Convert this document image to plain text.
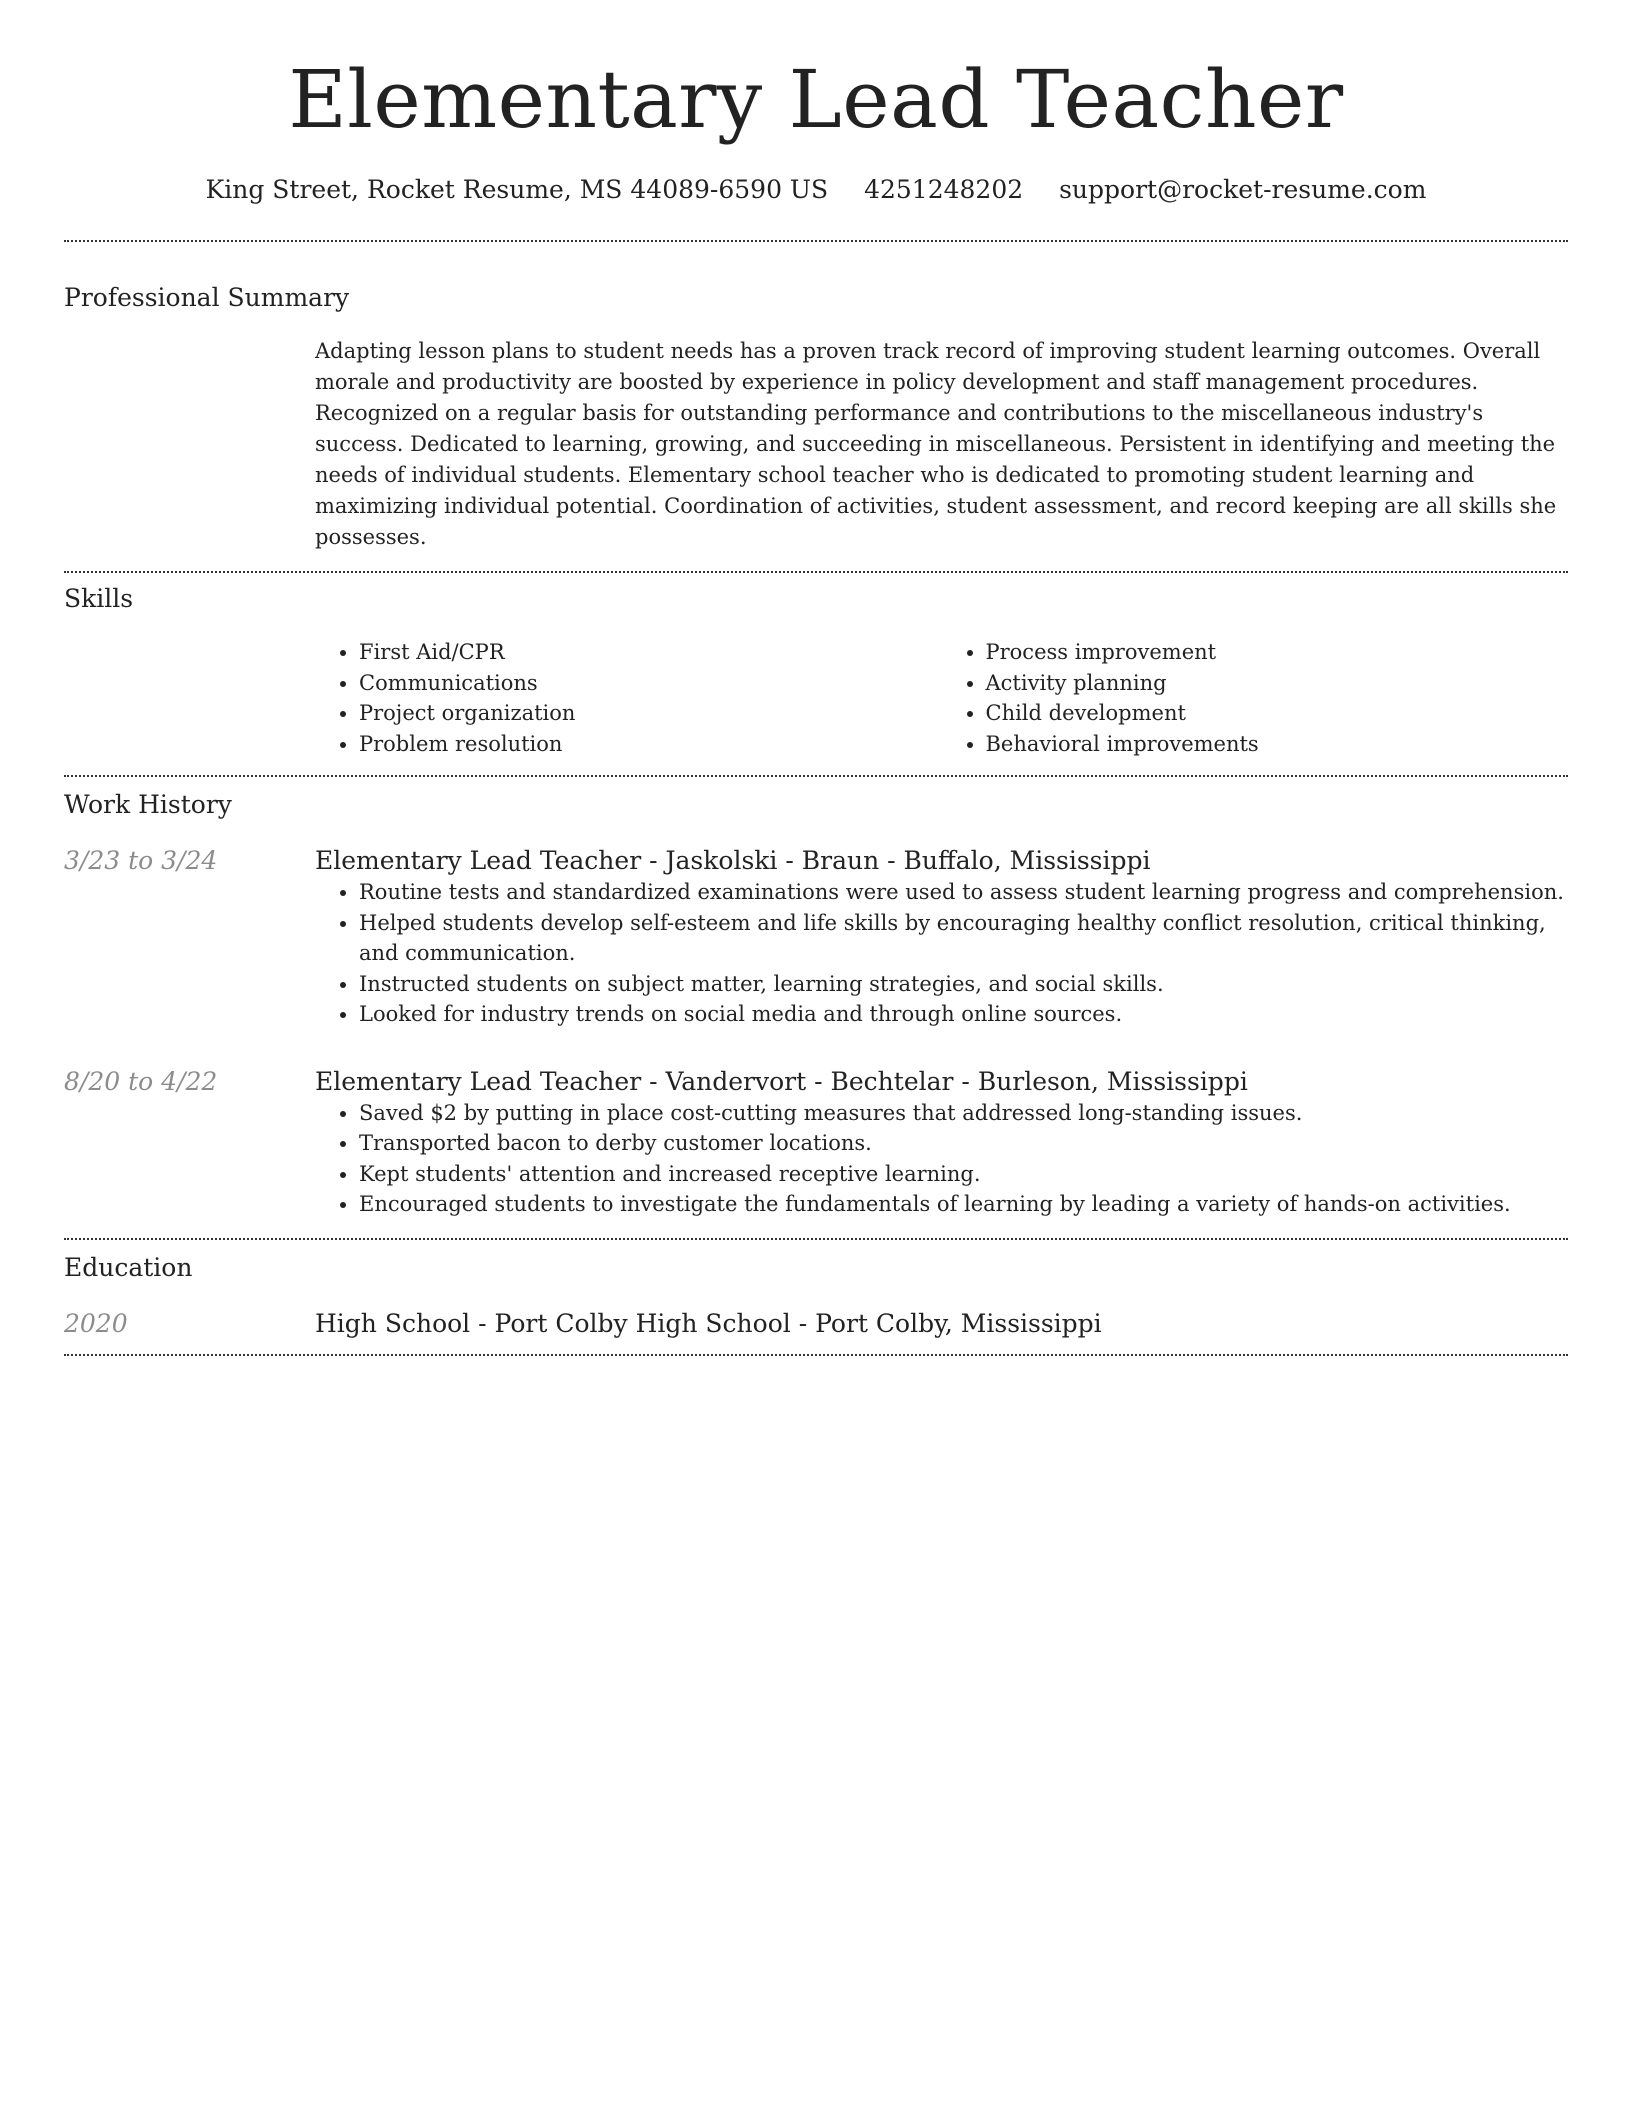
Elementary Lead Teacher
King Street, Rocket Resume, MS 44089-6590 US 4251248202 support@rocket-resume.com
Professional Summary

Adapting lesson plans to student needs has a proven track record of improving student learning outcomes. Overall morale and productivity are boosted by experience in policy development and staff management procedures. Recognized on a regular basis for outstanding performance and contributions to the miscellaneous industry's success. Dedicated to learning, growing, and succeeding in miscellaneous. Persistent in identifying and meeting the needs of individual students. Elementary school teacher who is dedicated to promoting student learning and maximizing individual potential. Coordination of activities, student assessment, and record keeping are all skills she possesses.

Skills
• First Aid/CPR
• Communications
• Project organization
• Problem resolution
• Process improvement
• Activity planning
• Child development
• Behavioral improvements
Work History
3/23 to 3/24	Elementary Lead Teacher - Jaskolski - Braun - Buffalo, Mississippi
• Routine tests and standardized examinations were used to assess student learning progress and comprehension.
• Helped students develop self-esteem and life skills by encouraging healthy conflict resolution, critical thinking, and communication.
• Instructed students on subject matter, learning strategies, and social skills.
• Looked for industry trends on social media and through online sources.
8/20 to 4/22	Elementary Lead Teacher - Vandervort - Bechtelar - Burleson, Mississippi
• Saved $2 by putting in place cost-cutting measures that addressed long-standing issues.
• Transported bacon to derby customer locations.
• Kept students' attention and increased receptive learning.
• Encouraged students to investigate the fundamentals of learning by leading a variety of hands-on activities.
Education
2020	High School - Port Colby High School - Port Colby, Mississippi
